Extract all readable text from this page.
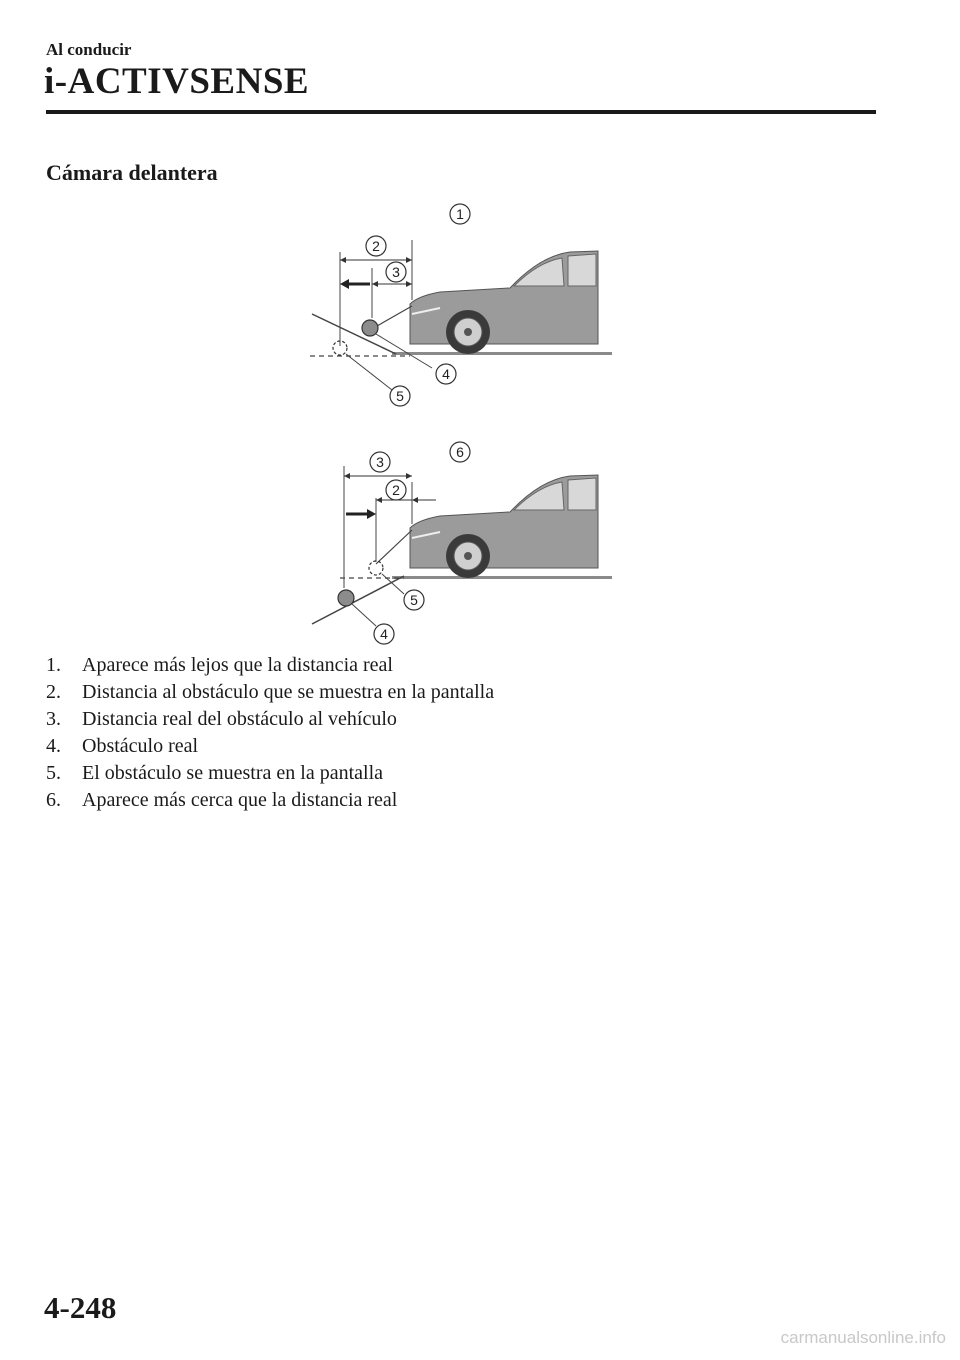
Al conducir
i-ACTIVSENSE
Cámara delantera
1
2
3
4
5
3
6
2
5
4
1. Aparece más lejos que la distancia real
2. Distancia al obstáculo que se muestra en la pantalla
3. Distancia real del obstáculo al vehículo
4. Obstáculo real
5. El obstáculo se muestra en la pantalla
6. Aparece más cerca que la distancia real
4-248
carmanualsonline.info
